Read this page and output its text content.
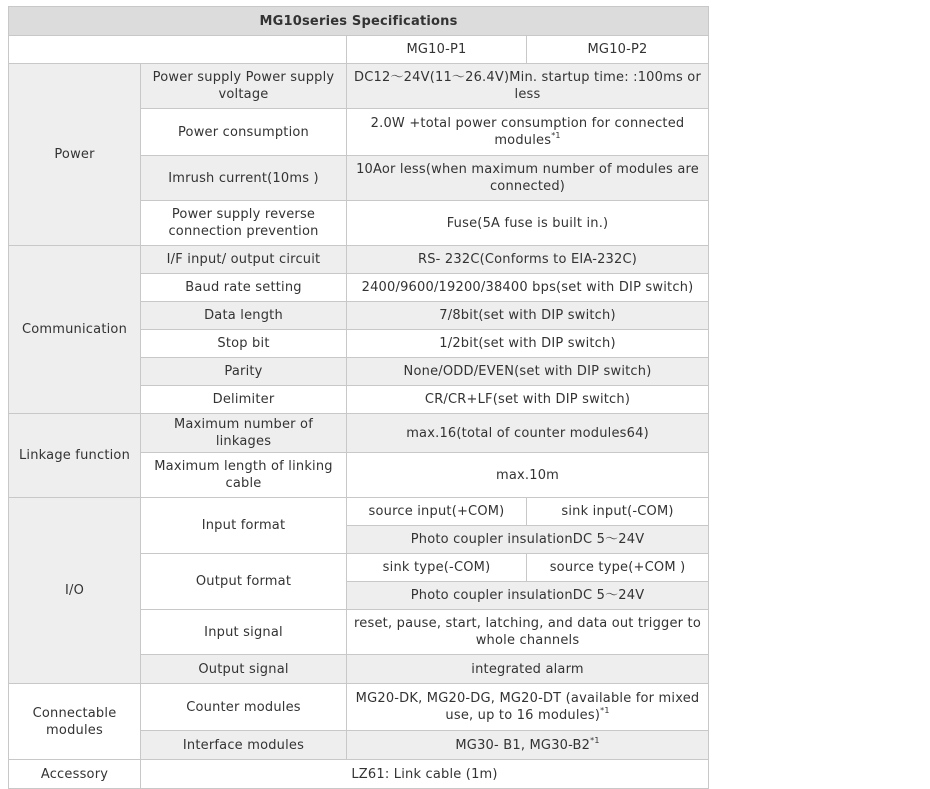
MG10series Specifications			
		MG10-P1	MG10-P2
Power	Power supply Power supply voltage	DC12～24V(11～26.4V)Min. startup time: :100ms or less	
	Power consumption	2.0W +total power consumption for connected modules$^{*1}$
	Imrush current(10ms )	10Aor less(when maximum number of modules are connected)	
	Power supply reverse connection prevention	Fuse(5A fuse is built in.)	
Communication	I/F input/ output circuit	RS- 232C(Conforms to EIA-232C)	
	Baud rate setting	2400/9600/19200/38400 bps(set with DIP switch)	
	Data length	7/8bit(set with DIP switch)	
	Stop bit	1/2bit(set with DIP switch)	
	Parity	None/ODD/EVEN(set with DIP switch)	
	Delimiter	CR/CR+LF(set with DIP switch)	
Linkage function	Maximum number of linkages	max.16(total of counter modules64)	
	Maximum length of linking cable	max.10m	
I/O	Input format	source input(+COM)	sink input(-COM)
		Photo coupler insulationDC 5～24V	
	Output format	sink type(-COM)	source type(+COM )
		Photo coupler insulationDC 5～24V	
	Input signal	reset, pause, start, latching, and data out trigger to whole channels	
	Output signal	integrated alarm	
Connectable modules	Counter modules	MG20-DK, MG20-DG, MG20-DT (available for mixed use, up to 16 modules)$^{*1}$
	Interface modules	MG30- B1, MG30-B2$^{*1}$
Accessory	LZ61: Link cable (1m)		
